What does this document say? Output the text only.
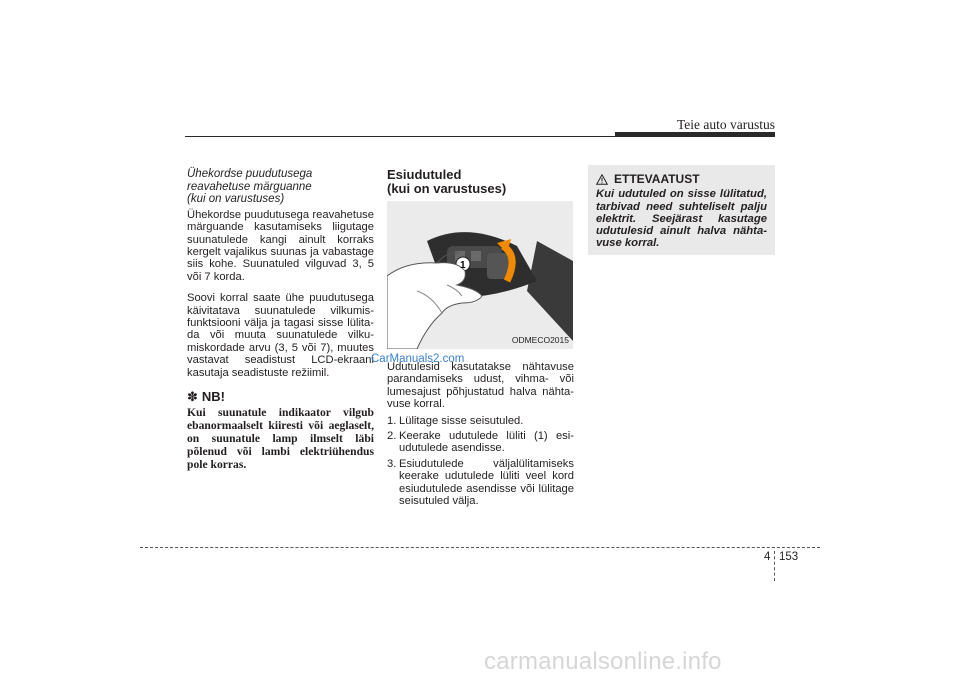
Teie auto varustus
Ühekordse puudutusega
reavahetuse märguanne
(kui on varustuses)

Ühekordse puudutusega reavahetuse märguande kasutamiseks liigutage suunatulede kangi ainult korraks kergelt vajalikus suunas ja vabastage siis kohe. Suunatuled vilguvad 3, 5 või 7 korda.

Soovi korral saate ühe puudutusega käivitatava suunatulede vilkumisfunktsiooni välja ja tagasi sisse lülitada või muuta suunatulede vilkumiskordade arvu (3, 5 või 7), muutes vastavat seadistust LCD-ekraani kasutaja seadistuste režiimil.

✽ NB!
Kui suunatule indikaator vilgub ebanormaalselt kiiresti või aeglaselt, on suunatule lamp ilmselt läbi põlenud või lambi elektriühendus pole korras.
Esiudutuled
(kui on varustuses)
1
ODMECO2015
CarManuals2.com

Udutulesid kasutatakse nähtavuse parandamiseks udust, vihma- või lumesajust põhjustatud halva nähtavuse korral.

1. Lülitage sisse seisutuled.
2. Keerake udutulede lüliti (1) esiudutulede asendisse.
3. Esiudutulede väljalülitamiseks keerake udutulede lüliti veel kord esiudutulede asendisse või lülitage seisutuled välja.
ETTEVAATUST
Kui udutuled on sisse lülitatud, tarbivad need suhteliselt palju elektrit. Seejärast kasutage udutulesid ainult halva nähtavuse korral.
4 153
carmanualsonline.info
